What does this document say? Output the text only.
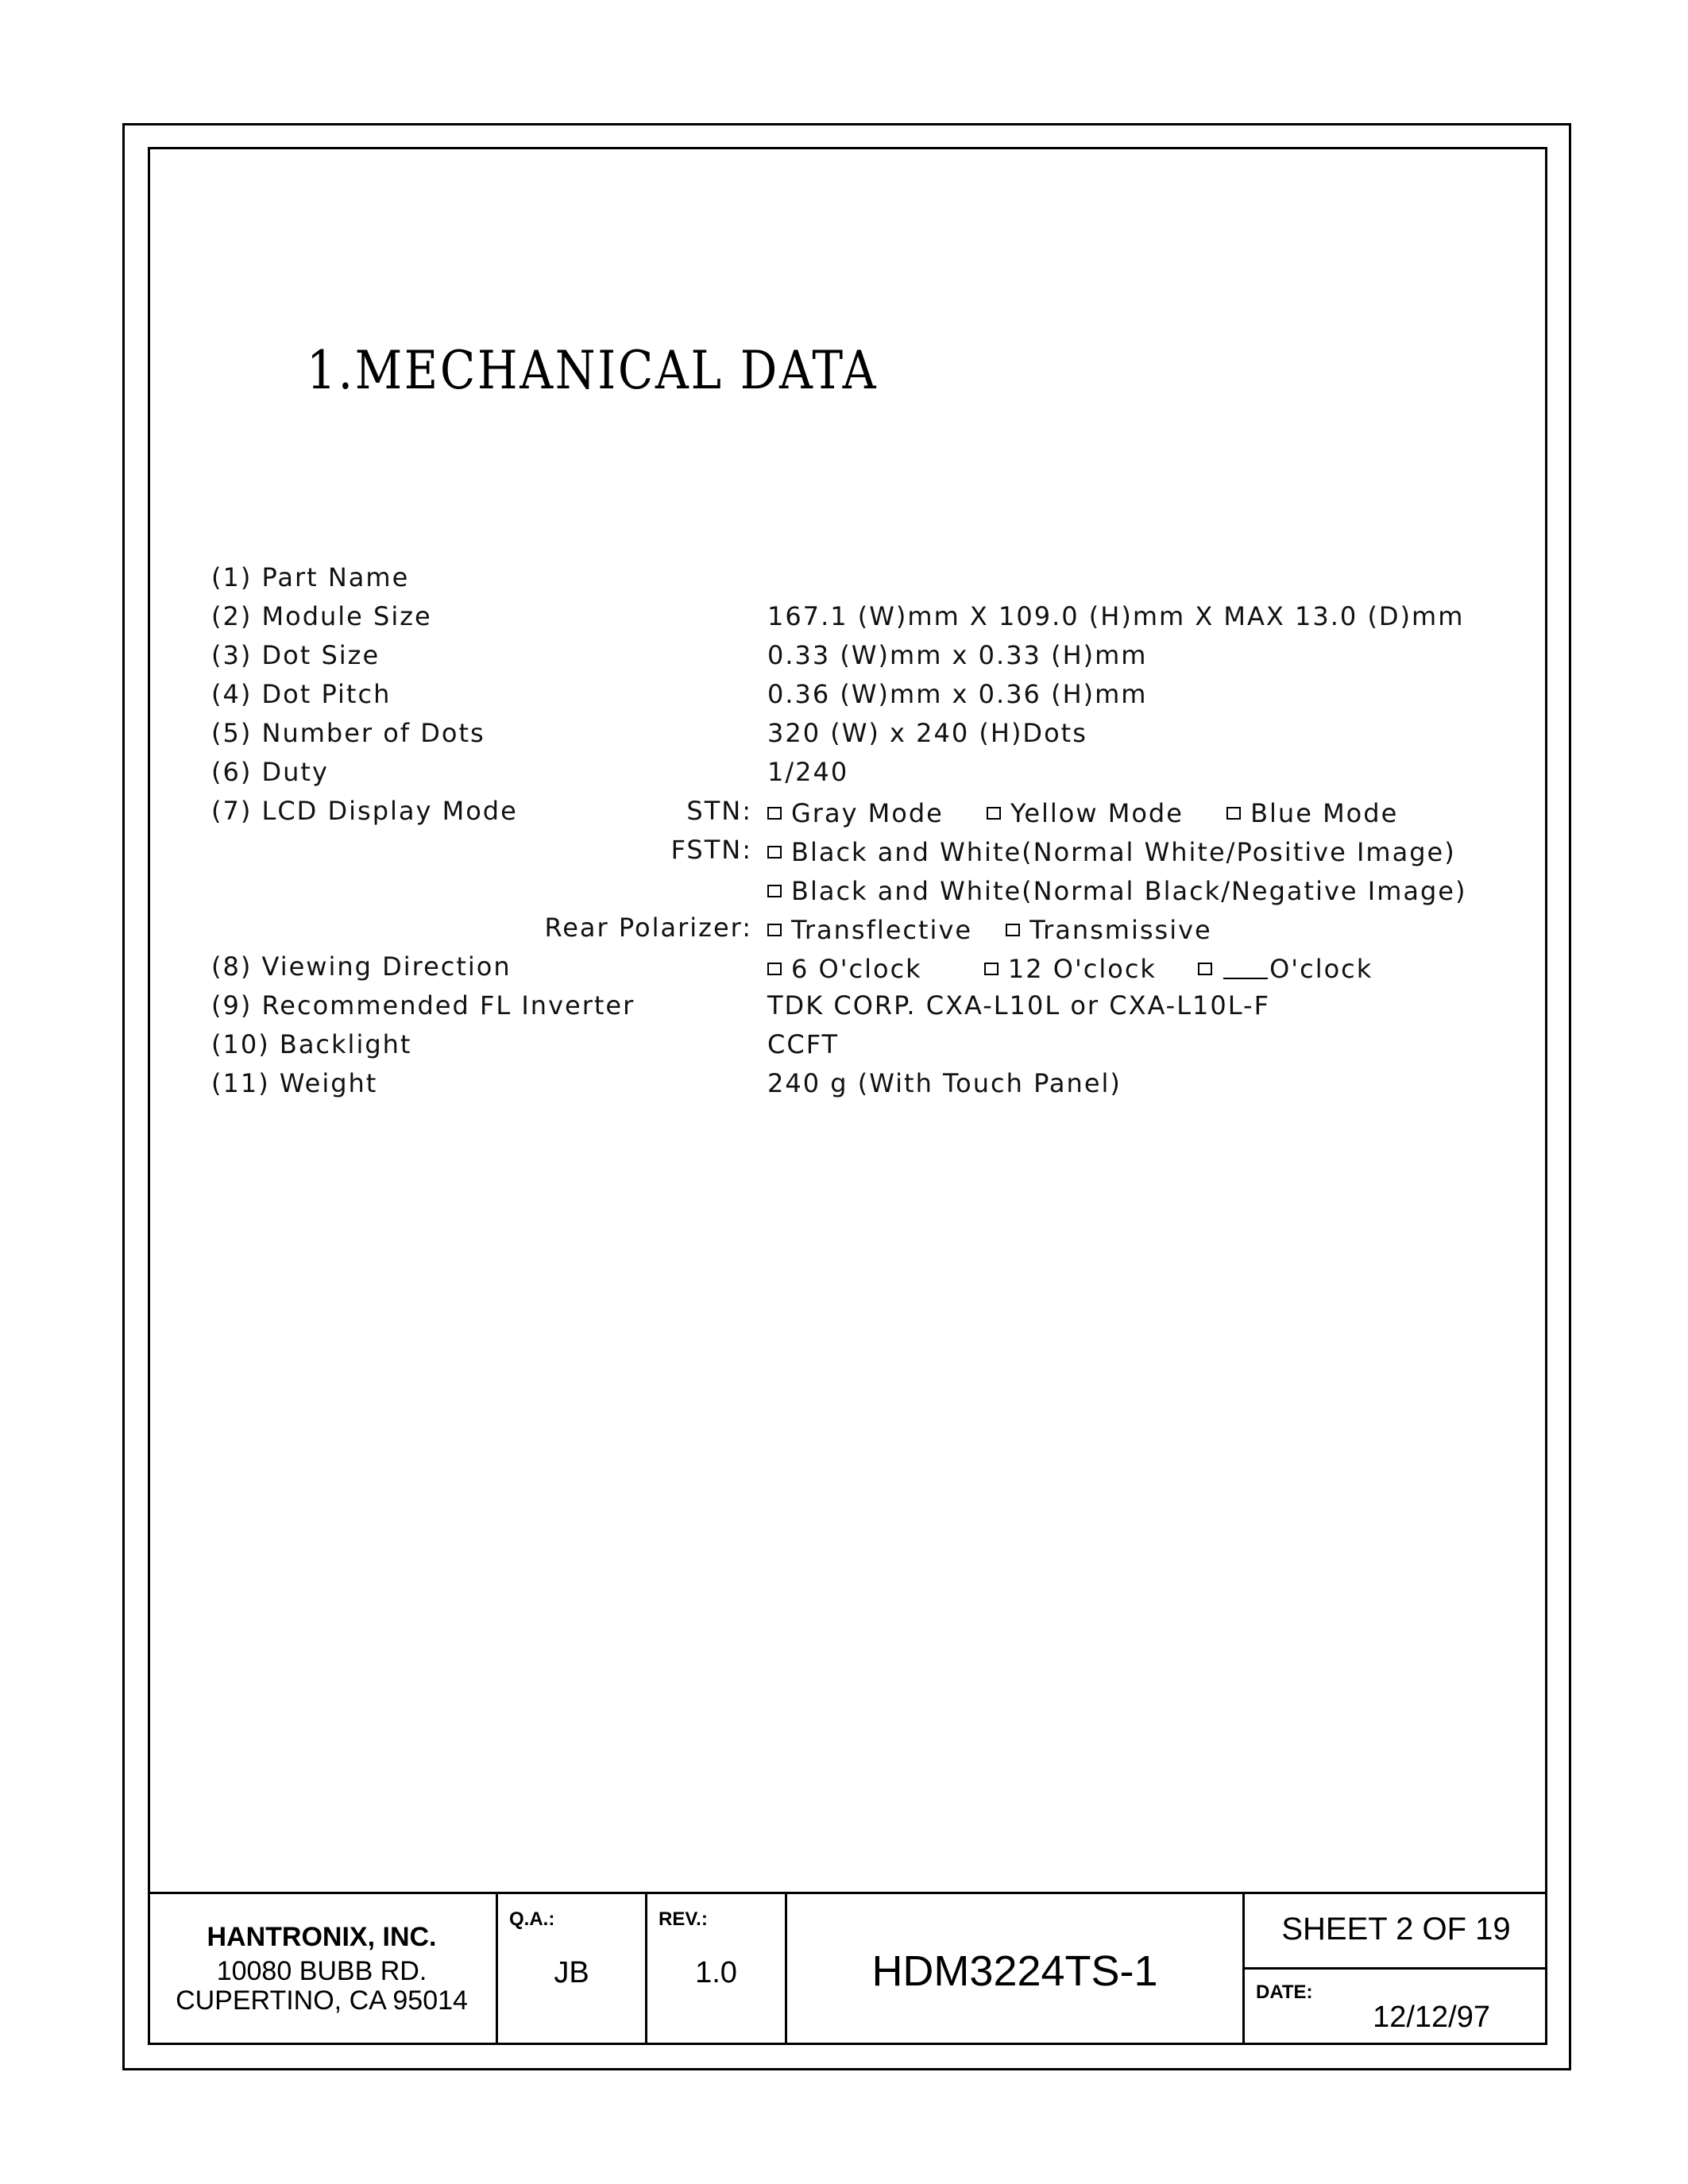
1.MECHANICAL DATA
(1) Part Name
(2) Module Size	167.1 (W)mm X 109.0 (H)mm X MAX 13.0 (D)mm
(3) Dot Size	0.33 (W)mm x 0.33 (H)mm
(4) Dot Pitch	0.36 (W)mm x 0.36 (H)mm
(5) Number of Dots	320 (W) x 240 (H)Dots
(6) Duty	1/240
(7) LCD Display Mode	STN: Gray Mode
	Yellow Mode
	Blue Mode
FSTN: Black and White(Normal White/Positive Image)
Black and White(Normal Black/Negative Image)
Rear Polarizer: Transflective
Transmissive
(8) Viewing Direction	6 O'clock
	12 O'clock
	O'clock
(9) Recommended FL Inverter	TDK CORP. CXA-L10L or CXA-L10L-F
(10) Backlight	CCFT
(11) Weight	240 g (With Touch Panel)
HANTRONIX, INC.
10080 BUBB RD.
CUPERTINO, CA 95014
Q.A.:
JB
REV.:
1.0	HDM3224TS-1
SHEET 2 OF 19
DATE:
12/12/97
